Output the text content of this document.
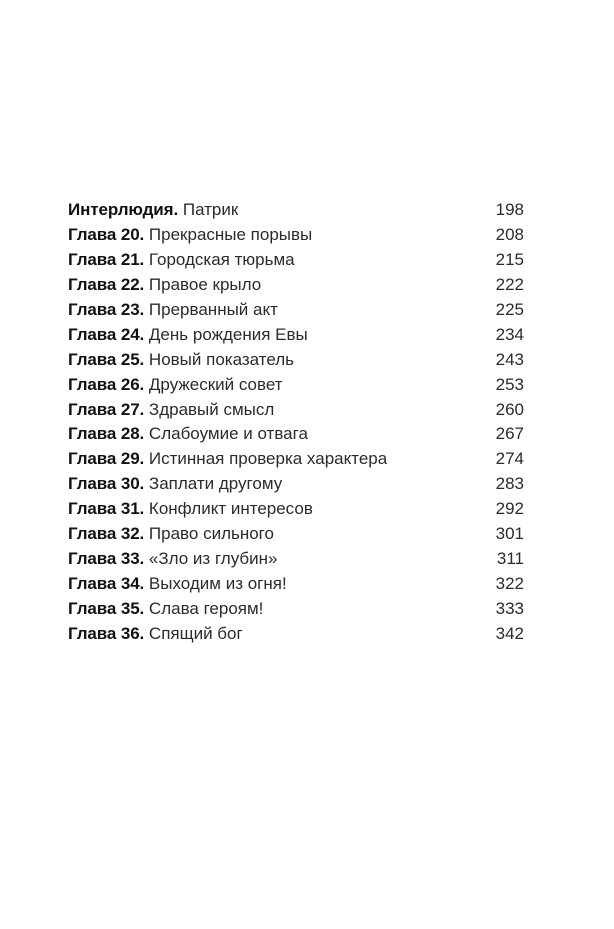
Интерлюдия. Патрик	198
Глава 20. Прекрасные порывы	208
Глава 21. Городская тюрьма	215
Глава 22. Правое крыло	222
Глава 23. Прерванный акт	225
Глава 24. День рождения Евы	234
Глава 25. Новый показатель	243
Глава 26. Дружеский совет	253
Глава 27. Здравый смысл	260
Глава 28. Слабоумие и отвага	267
Глава 29. Истинная проверка характера	274
Глава 30. Заплати другому	283
Глава 31. Конфликт интересов	292
Глава 32. Право сильного	301
Глава 33. «Зло из глубин»	311
Глава 34. Выходим из огня!	322
Глава 35. Слава героям!	333
Глава 36. Спящий бог	342
